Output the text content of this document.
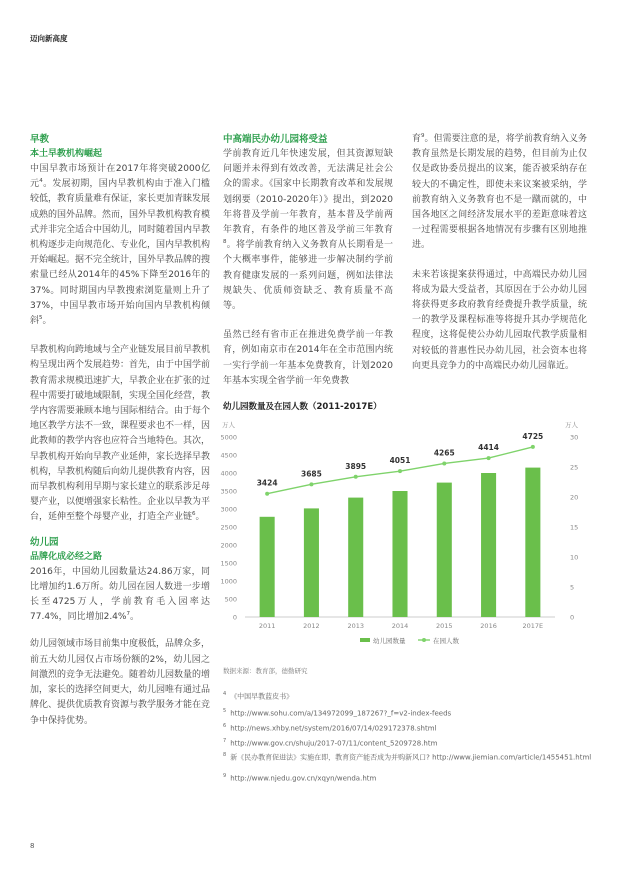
迈向新高度
早教
本土早教机构崛起

中国早教市场预计在2017年将突破2000亿元$^4$。发展初期，国内早教机构由于准入门槛较低，教育质量难有保证，家长更加青睐发展成熟的国外品牌。然而，国外早教机构教育模式并非完全适合中国幼儿，同时随着国内早教机构逐步走向规范化、专业化，国内早教机构开始崛起。据不完全统计，国外早教品牌的搜索量已经从2014年的45%下降至2016年的37%。同时期国内早教搜索浏览量则上升了37%，中国早教市场开始向国内早教机构倾斜$^5$。

早教机构向跨地域与全产业链发展目前早教机构呈现出两个发展趋势：首先，由于中国学前教育需求规模迅速扩大，早教企业在扩张的过程中需要打破地域限制，实现全国化经营，教学内容需要兼顾本地与国际相结合。由于每个地区教学方法不一致，课程要求也不一样，因此教师的教学内容也应符合当地特色。其次，早教机构开始向早教产业延伸，家长选择早教机构，早教机构随后向幼儿提供教育内容，因而早教机构利用早期与家长建立的联系涉足母婴产业，以便增强家长粘性。企业以早教为平台，延伸至整个母婴产业，打造全产业链$^6$。

幼儿园
品牌化成必经之路

2016年，中国幼儿园数量达24.86万家，同比增加约1.6万所。幼儿园在园人数进一步增长至4725万人，学前教育毛入园率达77.4%，同比增加2.4%$^7$。

幼儿园领域市场目前集中度极低，品牌众多，前五大幼儿园仅占市场份额的2%，幼儿园之间激烈的竞争无法避免。随着幼儿园数量的增加，家长的选择空间更大，幼儿园唯有通过品牌化、提供优质教育资源与教学服务才能在竞争中保持优势。

中高端民办幼儿园将受益

学前教育近几年快速发展，但其资源短缺问题并未得到有效改善，无法满足社会公众的需求。《国家中长期教育改革和发展规划纲要（2010-2020年）》提出，到2020年将普及学前一年教育，基本普及学前两年教育，有条件的地区普及学前三年教育$^8$。将学前教育纳入义务教育从长期看是一个大概率事件，能够进一步解决制约学前教育健康发展的一系列问题，例如法律法规缺失、优质师资缺乏、教育质量不高等。

虽然已经有省市正在推进免费学前一年教育，例如南京市在2014年在全市范围内统一实行学前一年基本免费教育，计划2020年基本实现全省学前一年免费教

育$^9$。但需要注意的是，将学前教育纳入义务教育虽然是长期发展的趋势，但目前为止仅仅是政协委员提出的议案，能否被采纳存在较大的不确定性，即使未来议案被采纳，学前教育纳入义务教育也不是一蹴而就的，中国各地区之间经济发展水平的差距意味着这一过程需要根据各地情况有步骤有区别地推进。

未来若该提案获得通过，中高端民办幼儿园将成为最大受益者，其原因在于公办幼儿园将获得更多政府教育经费提升教学质量，统一的教学及课程标准等将提升其办学规范化程度，这将促使公办幼儿园取代教学质量相对较低的普惠性民办幼儿园，社会资本也将向更具竞争力的中高端民办幼儿园靠近。

幼儿园数量及在园人数（2011-2017E）
万人	万人
0
500
1000
1500
2000
2500
3000
3500
4000
4500
5000
0
5
10
15
20
25
30
2011	2012	2013	2014	2015	2016	2017E
3424
3685
3895
4051
4265
4414
4725
幼儿园数量	在园人数
数据来源：教育部，德勤研究
$^4$ 《中国早教蓝皮书》
$^5$ http://www.sohu.com/a/134972099_187267?_f=v2-index-feeds
$^6$ http://news.xhby.net/system/2016/07/14/029172378.shtml
$^7$ http://www.gov.cn/shuju/2017-07/11/content_5209728.htm
$^8$ 新《民办教育促进法》实施在即，教育资产能否成为并购新风口? http://www.jiemian.com/article/1455451.html
$^9$ http://www.njedu.gov.cn/xqyn/wenda.htm
8
